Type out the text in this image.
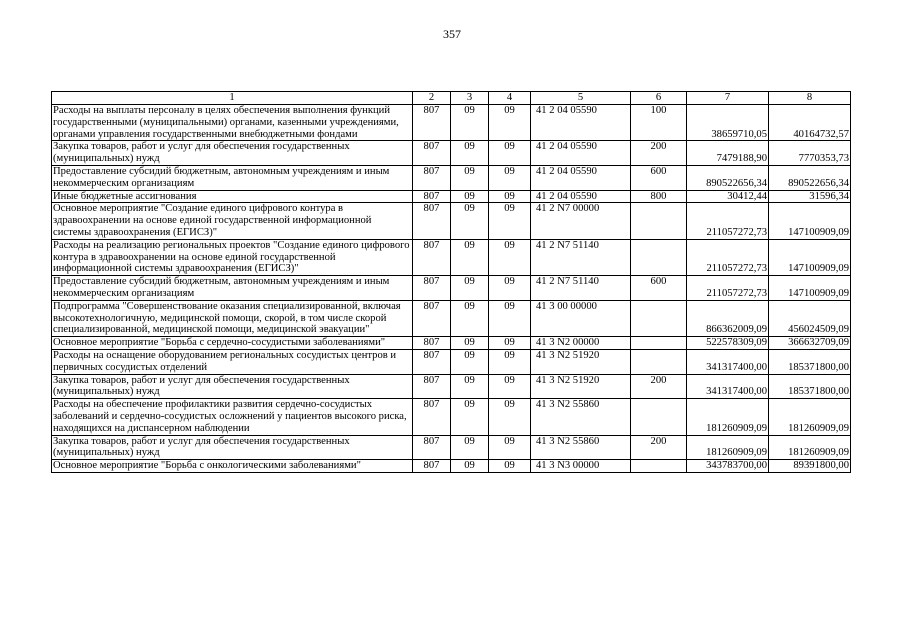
357
1	2	3	4	5	6	7	8
Расходы на выплаты персоналу в целях обеспечения выполнения функций государственными (муниципальными) органами, казенными учреждениями, органами управления государственными внебюджетными фондами	807	09	09	41 2 04 05590	100	38659710,05	40164732,57
Закупка товаров, работ и услуг для обеспечения государственных (муниципальных) нужд	807	09	09	41 2 04 05590	200	7479188,90	7770353,73
Предоставление субсидий бюджетным, автономным учреждениям и иным некоммерческим организациям	807	09	09	41 2 04 05590	600	890522656,34	890522656,34
Иные бюджетные ассигнования	807	09	09	41 2 04 05590	800	30412,44	31596,34
Основное мероприятие "Создание единого цифрового контура в здравоохранении на основе единой государственной информационной системы здравоохранения (ЕГИСЗ)"	807	09	09	41 2 N7 00000		211057272,73	147100909,09
Расходы на реализацию региональных проектов "Создание единого цифрового контура в здравоохранении на основе единой государственной информационной системы здравоохранения (ЕГИСЗ)"	807	09	09	41 2 N7 51140		211057272,73	147100909,09
Предоставление субсидий бюджетным, автономным учреждениям и иным некоммерческим организациям	807	09	09	41 2 N7 51140	600	211057272,73	147100909,09
Подпрограмма "Совершенствование оказания специализированной, включая высокотехнологичную, медицинской помощи, скорой, в том числе скорой специализированной, медицинской помощи, медицинской эвакуации"	807	09	09	41 3 00 00000		866362009,09	456024509,09
Основное мероприятие "Борьба с сердечно-сосудистыми заболеваниями"	807	09	09	41 3 N2 00000		522578309,09	366632709,09
Расходы на оснащение оборудованием региональных сосудистых центров и первичных сосудистых отделений	807	09	09	41 3 N2 51920		341317400,00	185371800,00
Закупка товаров, работ и услуг для обеспечения государственных (муниципальных) нужд	807	09	09	41 3 N2 51920	200	341317400,00	185371800,00
Расходы на обеспечение профилактики развития сердечно-сосудистых заболеваний и сердечно-сосудистых осложнений у пациентов высокого риска, находящихся на диспансерном наблюдении	807	09	09	41 3 N2 55860		181260909,09	181260909,09
Закупка товаров, работ и услуг для обеспечения государственных (муниципальных) нужд	807	09	09	41 3 N2 55860	200	181260909,09	181260909,09
Основное мероприятие "Борьба с онкологическими заболеваниями"	807	09	09	41 3 N3 00000		343783700,00	89391800,00
